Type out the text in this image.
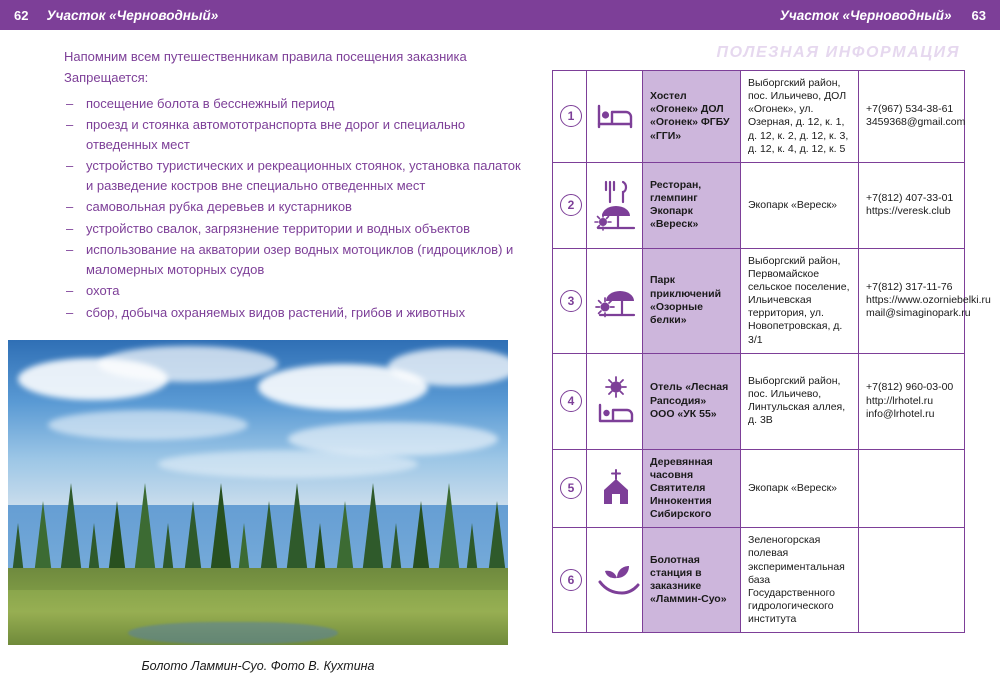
62	Участок «Черноводный»	Участок «Черноводный»	63

Напомним всем путешественникам правила посещения заказника

Запрещается:

– посещение болота в бесснежный период
– проезд и стоянка автомототранспорта вне дорог и специально отведенных мест
– устройство туристических и рекреационных стоянок, установка палаток и разведение костров вне специально отведенных мест
– самовольная рубка деревьев и кустарников
– устройство свалок, загрязнение территории и водных объектов
– использование на акватории озер водных мотоциклов (гидроциклов) и маломерных моторных судов
– охота
– сбор, добыча охраняемых видов растений, грибов и животных
Болото Ламмин-Суо. Фото В. Кухтина
ПОЛЕЗНАЯ ИНФОРМАЦИЯ
1		Хостел «Огонек» ДОЛ «Огонек» ФГБУ «ГГИ»	Выборгский район, пос. Ильичево, ДОЛ «Огонек», ул. Озерная, д. 12, к. 1, д. 12, к. 2, д. 12, к. 3, д. 12, к. 4, д. 12, к. 5	+7(967) 534-38-61 3459368@gmail.com
2		Ресторан, глемпинг Экопарк «Вереск»	Экопарк «Вереск»	+7(812) 407-33-01 https://veresk.club
3		Парк приключений «Озорные белки»	Выборгский район, Первомайское сельское поселение, Ильичевская территория, ул. Новопетровская, д. 3/1	+7(812) 317-11-76 https://www.ozorniebelki.ru mail@simaginopark.ru
4		Отель «Лесная Рапсодия» ООО «УК 55»	Выборгский район, пос. Ильичево, Линтульская аллея, д. 3В	+7(812) 960-03-00 http://lrhotel.ru info@lrhotel.ru
5		Деревянная часовня Святителя Иннокентия Сибирского	Экопарк «Вереск»	
6		Болотная станция в заказнике «Ламмин-Суо»	Зеленогорская полевая экспериментальная база Государственного гидрологического института	
